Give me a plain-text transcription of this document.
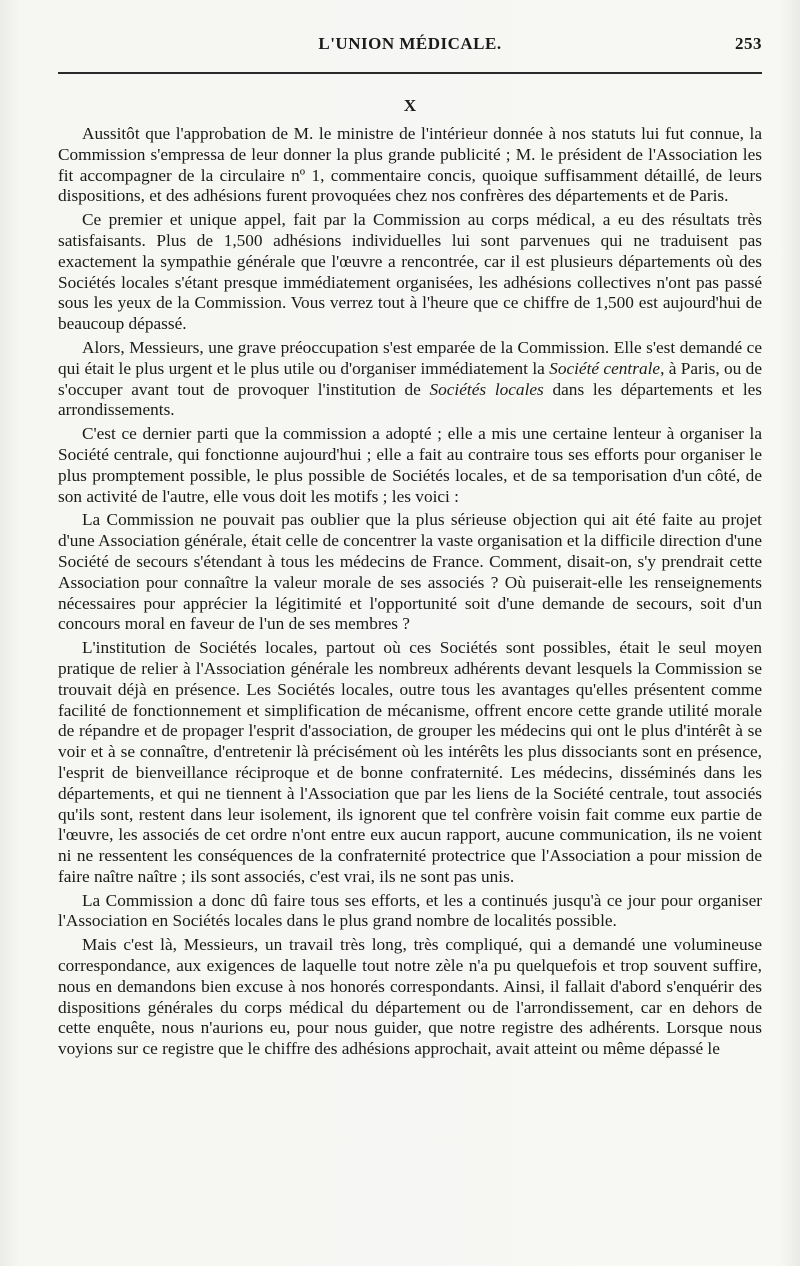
L'UNION MÉDICALE.	253
X

Aussitôt que l'approbation de M. le ministre de l'intérieur donnée à nos statuts lui fut connue, la Commission s'empressa de leur donner la plus grande publicité ; M. le président de l'Association les fit accompagner de la circulaire nº 1, commentaire concis, quoique suffisamment détaillé, de leurs dispositions, et des adhésions furent provoquées chez nos confrères des départements et de Paris.

Ce premier et unique appel, fait par la Commission au corps médical, a eu des résultats très satisfaisants. Plus de 1,500 adhésions individuelles lui sont parvenues qui ne traduisent pas exactement la sympathie générale que l'œuvre a rencontrée, car il est plusieurs départements où des Sociétés locales s'étant presque immédiatement organisées, les adhésions collectives n'ont pas passé sous les yeux de la Commission. Vous verrez tout à l'heure que ce chiffre de 1,500 est aujourd'hui de beaucoup dépassé.

Alors, Messieurs, une grave préoccupation s'est emparée de la Commission. Elle s'est demandé ce qui était le plus urgent et le plus utile ou d'organiser immédiatement la Société centrale, à Paris, ou de s'occuper avant tout de provoquer l'institution de Sociétés locales dans les départements et les arrondissements.

C'est ce dernier parti que la commission a adopté ; elle a mis une certaine lenteur à organiser la Société centrale, qui fonctionne aujourd'hui ; elle a fait au contraire tous ses efforts pour organiser le plus promptement possible, le plus possible de Sociétés locales, et de sa temporisation d'un côté, de son activité de l'autre, elle vous doit les motifs ; les voici :

La Commission ne pouvait pas oublier que la plus sérieuse objection qui ait été faite au projet d'une Association générale, était celle de concentrer la vaste organisation et la difficile direction d'une Société de secours s'étendant à tous les médecins de France. Comment, disait-on, s'y prendrait cette Association pour connaître la valeur morale de ses associés ? Où puiserait-elle les renseignements nécessaires pour apprécier la légitimité et l'opportunité soit d'une demande de secours, soit d'un concours moral en faveur de l'un de ses membres ?

L'institution de Sociétés locales, partout où ces Sociétés sont possibles, était le seul moyen pratique de relier à l'Association générale les nombreux adhérents devant lesquels la Commission se trouvait déjà en présence. Les Sociétés locales, outre tous les avantages qu'elles présentent comme facilité de fonctionnement et simplification de mécanisme, offrent encore cette grande utilité morale de répandre et de propager l'esprit d'association, de grouper les médecins qui ont le plus d'intérêt à se voir et à se connaître, d'entretenir là précisément où les intérêts les plus dissociants sont en présence, l'esprit de bienveillance réciproque et de bonne confraternité. Les médecins, disséminés dans les départements, et qui ne tiennent à l'Association que par les liens de la Société centrale, tout associés qu'ils sont, restent dans leur isolement, ils ignorent que tel confrère voisin fait comme eux partie de l'œuvre, les associés de cet ordre n'ont entre eux aucun rapport, aucune communication, ils ne voient ni ne ressentent les conséquences de la confraternité protectrice que l'Association a pour mission de faire naître naître ; ils sont associés, c'est vrai, ils ne sont pas unis.

La Commission a donc dû faire tous ses efforts, et les a continués jusqu'à ce jour pour organiser l'Association en Sociétés locales dans le plus grand nombre de localités possible.

Mais c'est là, Messieurs, un travail très long, très compliqué, qui a demandé une volumineuse correspondance, aux exigences de laquelle tout notre zèle n'a pu quelquefois et trop souvent suffire, nous en demandons bien excuse à nos honorés correspondants. Ainsi, il fallait d'abord s'enquérir des dispositions générales du corps médical du département ou de l'arrondissement, car en dehors de cette enquête, nous n'aurions eu, pour nous guider, que notre registre des adhérents. Lorsque nous voyions sur ce registre que le chiffre des adhésions approchait, avait atteint ou même dépassé le
